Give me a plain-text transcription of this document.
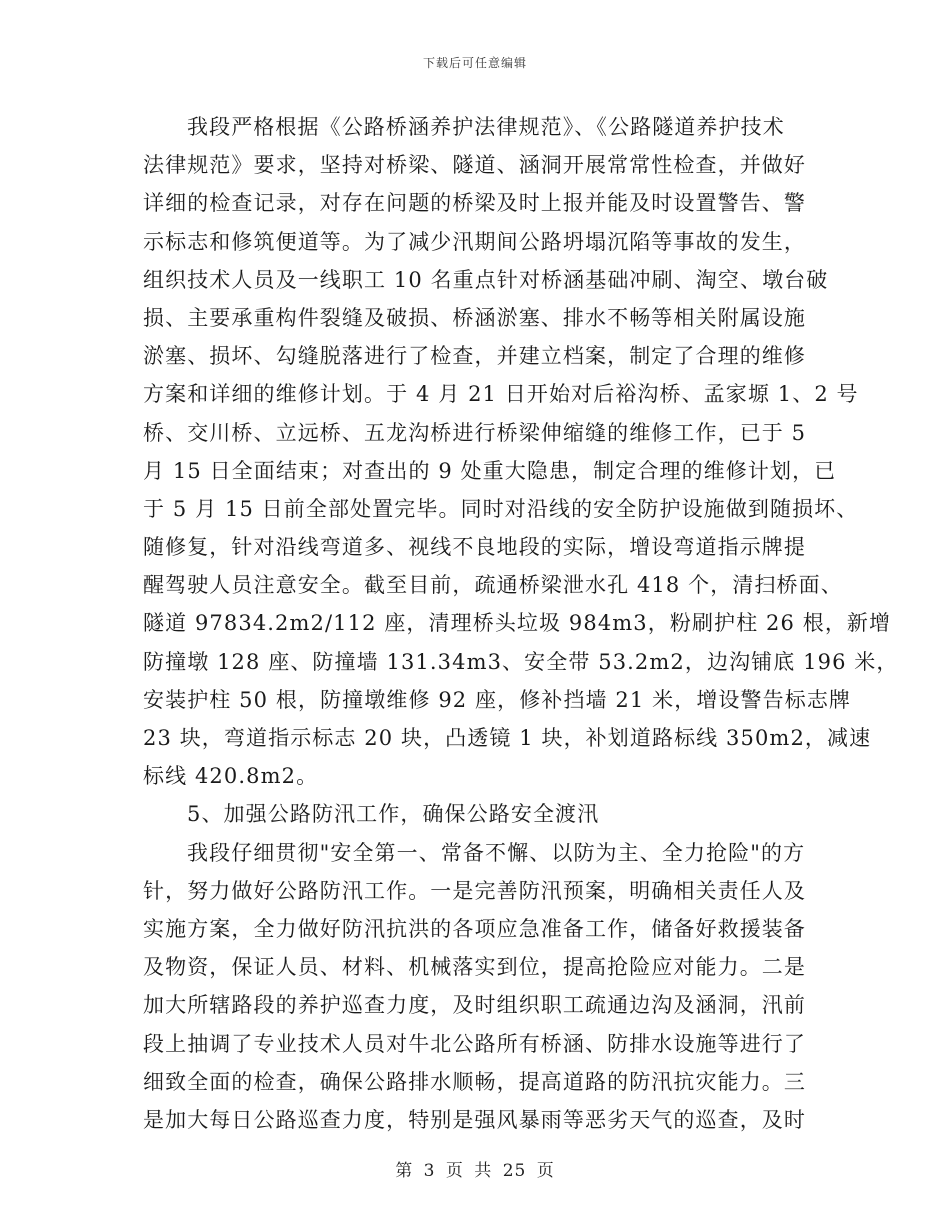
下载后可任意编辑
我段严格根据《公路桥涵养护法律规范》、《公路隧道养护技术
法律规范》要求，坚持对桥梁、隧道、涵洞开展常常性检查，并做好
详细的检查记录，对存在问题的桥梁及时上报并能及时设置警告、警
示标志和修筑便道等。为了减少汛期间公路坍塌沉陷等事故的发生，
组织技术人员及一线职工 10 名重点针对桥涵基础冲刷、淘空、墩台破
损、主要承重构件裂缝及破损、桥涵淤塞、排水不畅等相关附属设施
淤塞、损坏、勾缝脱落进行了检查，并建立档案，制定了合理的维修
方案和详细的维修计划。于 4 月 21 日开始对后裕沟桥、孟家塬 1、2 号
桥、交川桥、立远桥、五龙沟桥进行桥梁伸缩缝的维修工作，已于 5
月 15 日全面结束；对查出的 9 处重大隐患，制定合理的维修计划，已
于 5 月 15 日前全部处置完毕。同时对沿线的安全防护设施做到随损坏、
随修复，针对沿线弯道多、视线不良地段的实际，增设弯道指示牌提
醒驾驶人员注意安全。截至目前，疏通桥梁泄水孔 418 个，清扫桥面、
隧道 97834.2m2/112 座，清理桥头垃圾 984m3，粉刷护柱 26 根，新增
防撞墩 128 座、防撞墙 131.34m3、安全带 53.2m2，边沟铺底 196 米，
安装护柱 50 根，防撞墩维修 92 座，修补挡墙 21 米，增设警告标志牌
23 块，弯道指示标志 20 块，凸透镜 1 块，补划道路标线 350m2，减速
标线 420.8m2。
5、加强公路防汛工作，确保公路安全渡汛
我段仔细贯彻"安全第一、常备不懈、以防为主、全力抢险"的方
针，努力做好公路防汛工作。一是完善防汛预案，明确相关责任人及
实施方案，全力做好防汛抗洪的各项应急准备工作，储备好救援装备
及物资，保证人员、材料、机械落实到位，提高抢险应对能力。二是
加大所辖路段的养护巡查力度，及时组织职工疏通边沟及涵洞，汛前
段上抽调了专业技术人员对牛北公路所有桥涵、防排水设施等进行了
细致全面的检查，确保公路排水顺畅，提高道路的防汛抗灾能力。三
是加大每日公路巡查力度，特别是强风暴雨等恶劣天气的巡查，及时
第 3 页 共 25 页
